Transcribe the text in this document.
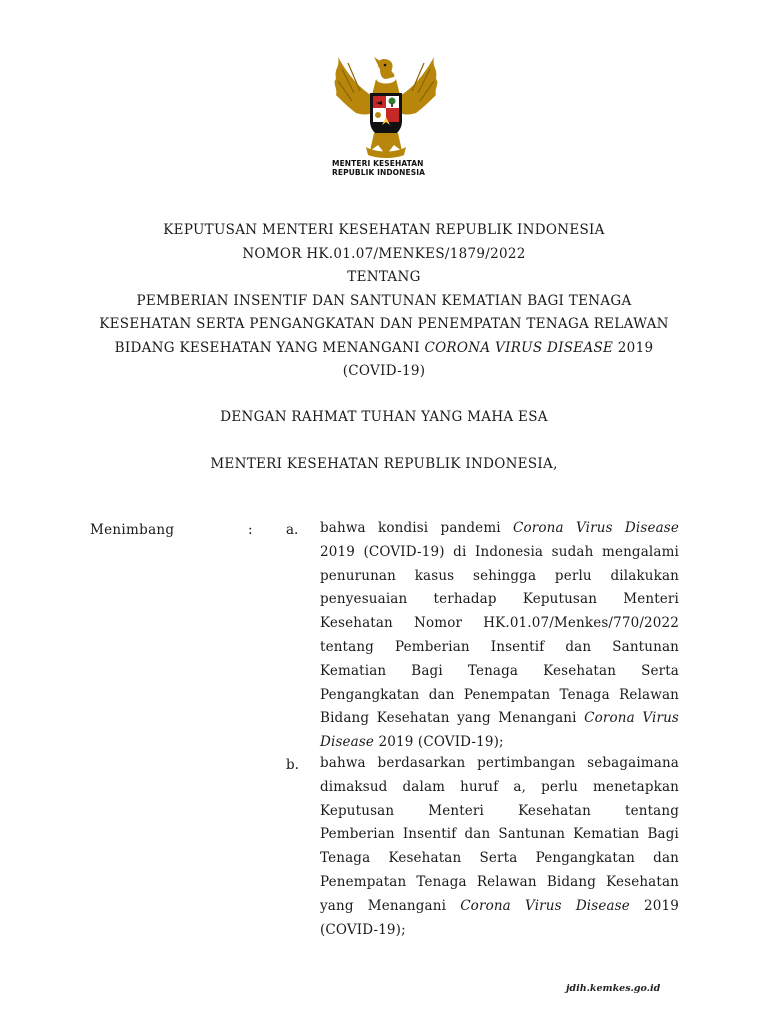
MENTERI KESEHATAN
REPUBLIK INDONESIA
KEPUTUSAN MENTERI KESEHATAN REPUBLIK INDONESIA
NOMOR HK.01.07/MENKES/1879/2022
TENTANG
PEMBERIAN INSENTIF DAN SANTUNAN KEMATIAN BAGI TENAGA
KESEHATAN SERTA PENGANGKATAN DAN PENEMPATAN TENAGA RELAWAN
BIDANG KESEHATAN YANG MENANGANI CORONA VIRUS DISEASE 2019
(COVID-19)
DENGAN RAHMAT TUHAN YANG MAHA ESA
MENTERI KESEHATAN REPUBLIK INDONESIA,
Menimbang	: a. bahwa kondisi pandemi Corona Virus Disease
2019 (COVID-19) di Indonesia sudah mengalami
penurunan kasus sehingga perlu dilakukan
penyesuaian terhadap Keputusan Menteri
Kesehatan Nomor HK.01.07/Menkes/770/2022
tentang Pemberian Insentif dan Santunan
Kematian Bagi Tenaga Kesehatan Serta
Pengangkatan dan Penempatan Tenaga Relawan
Bidang Kesehatan yang Menangani Corona Virus
Disease 2019 (COVID-19);
b. bahwa berdasarkan pertimbangan sebagaimana
dimaksud dalam huruf a, perlu menetapkan
Keputusan Menteri Kesehatan tentang
Pemberian Insentif dan Santunan Kematian Bagi
Tenaga Kesehatan Serta Pengangkatan dan
Penempatan Tenaga Relawan Bidang Kesehatan
yang Menangani Corona Virus Disease 2019
(COVID-19);
jdih.kemkes.go.id
